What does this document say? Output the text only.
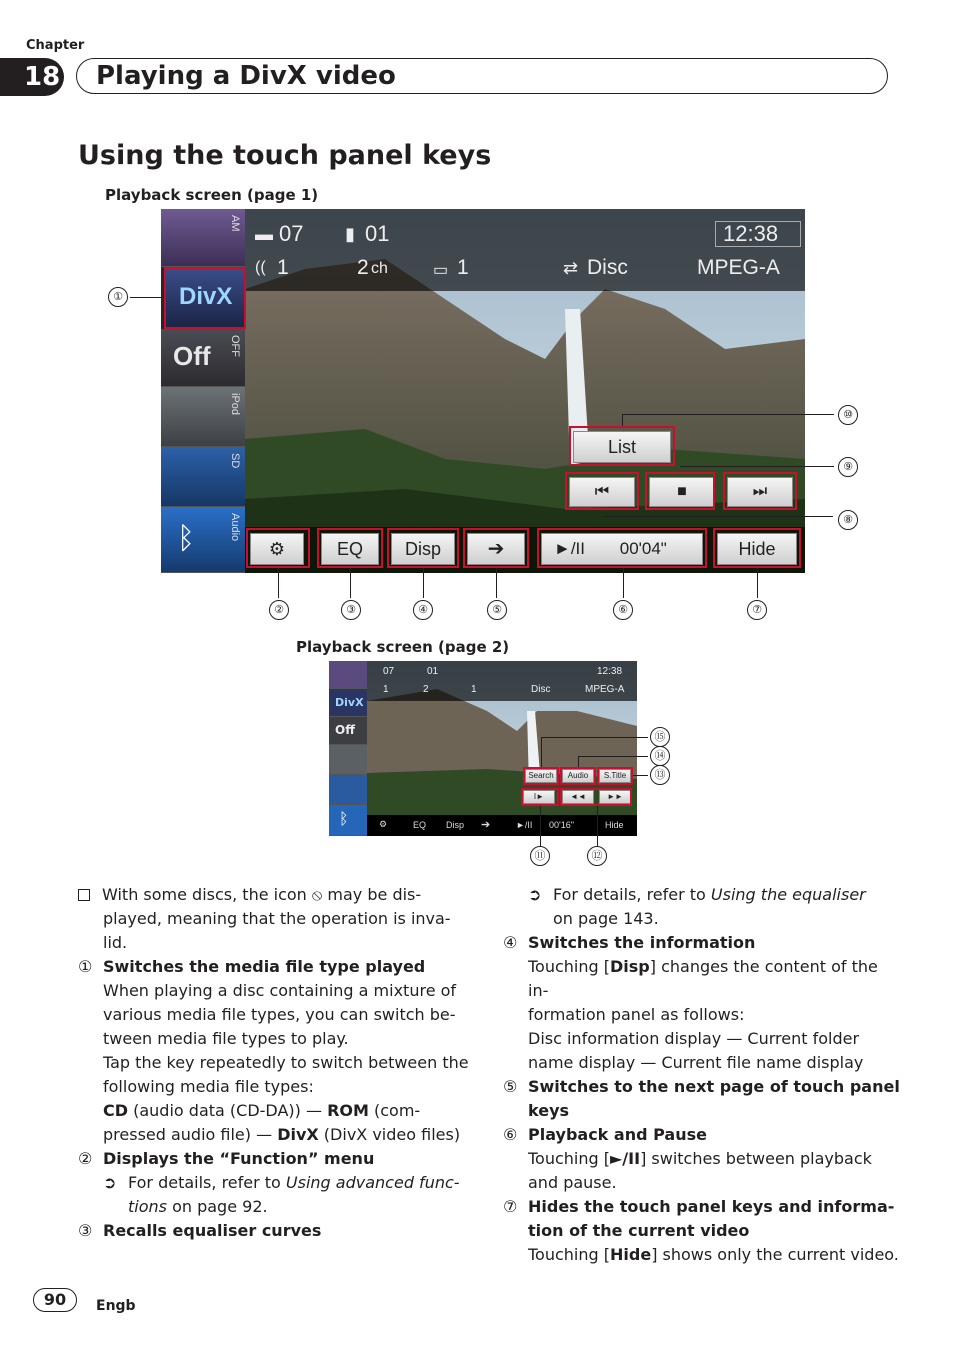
Chapter
18 Playing a DivX video
Using the touch panel keys
Playback screen (page 1)
▬ 07 ▮ 01	12:38
(( 1	2 ch	▭ 1	⇄ Disc	MPEG-A
AM
DivX
Off OFF
iPod
SD
ᛒ	Audio
⚙	EQ	Disp	➔	►/II 00'04"	Hide
List
⏮	■	⏭
①
②	③	④	⑤	⑥	⑦
⑩
⑨
⑧
Playback screen (page 2)
07	01	12:38
1	2	1	Disc	MPEG-A
DivX
Off
ᛒ	⚙	EQ Disp ➔	►/II 00'16"	Hide
Search	Audio	S.Title
I►	◄◄	►►
⑮
⑭
⑬
⑪	⑫
With some discs, the icon ⦸ may be dis-
played, meaning that the operation is inva-
lid.
① Switches the media file type played
When playing a disc containing a mixture of
various media file types, you can switch be-
tween media file types to play.
Tap the key repeatedly to switch between the
following media file types:
CD (audio data (CD-DA)) — ROM (com-
pressed audio file) — DivX (DivX video files)
② Displays the “Function” menu
➲ For details, refer to Using advanced func-
tions on page 92.
③ Recalls equaliser curves
➲ For details, refer to Using the equaliser
on page 143.
④ Switches the information
Touching [Disp] changes the content of the in-
formation panel as follows:
Disc information display — Current folder
name display — Current file name display
⑤ Switches to the next page of touch panel
keys
⑥ Playback and Pause
Touching [►/II] switches between playback
and pause.
⑦ Hides the touch panel keys and informa-
tion of the current video
Touching [Hide] shows only the current video.
90	Engb
